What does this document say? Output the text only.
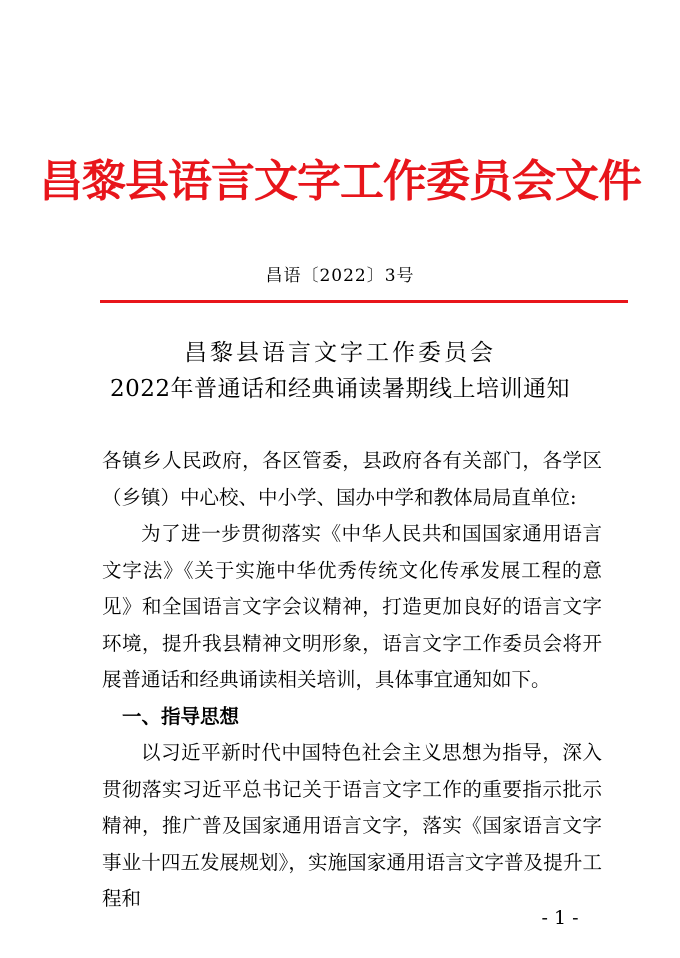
昌黎县语言文字工作委员会文件
昌语〔2022〕3号
昌黎县语言文字工作委员会
2022年普通话和经典诵读暑期线上培训通知

各镇乡人民政府，各区管委，县政府各有关部门，各学区（乡镇）中心校、中小学、国办中学和教体局局直单位:

为了进一步贯彻落实《中华人民共和国国家通用语言文字法》《关于实施中华优秀传统文化传承发展工程的意见》和全国语言文字会议精神，打造更加良好的语言文字环境，提升我县精神文明形象，语言文字工作委员会将开展普通话和经典诵读相关培训，具体事宜通知如下。

一、指导思想

以习近平新时代中国特色社会主义思想为指导，深入贯彻落实习近平总书记关于语言文字工作的重要指示批示精神，推广普及国家通用语言文字，落实《国家语言文字事业十四五发展规划》，实施国家通用语言文字普及提升工程和

- 1 -
